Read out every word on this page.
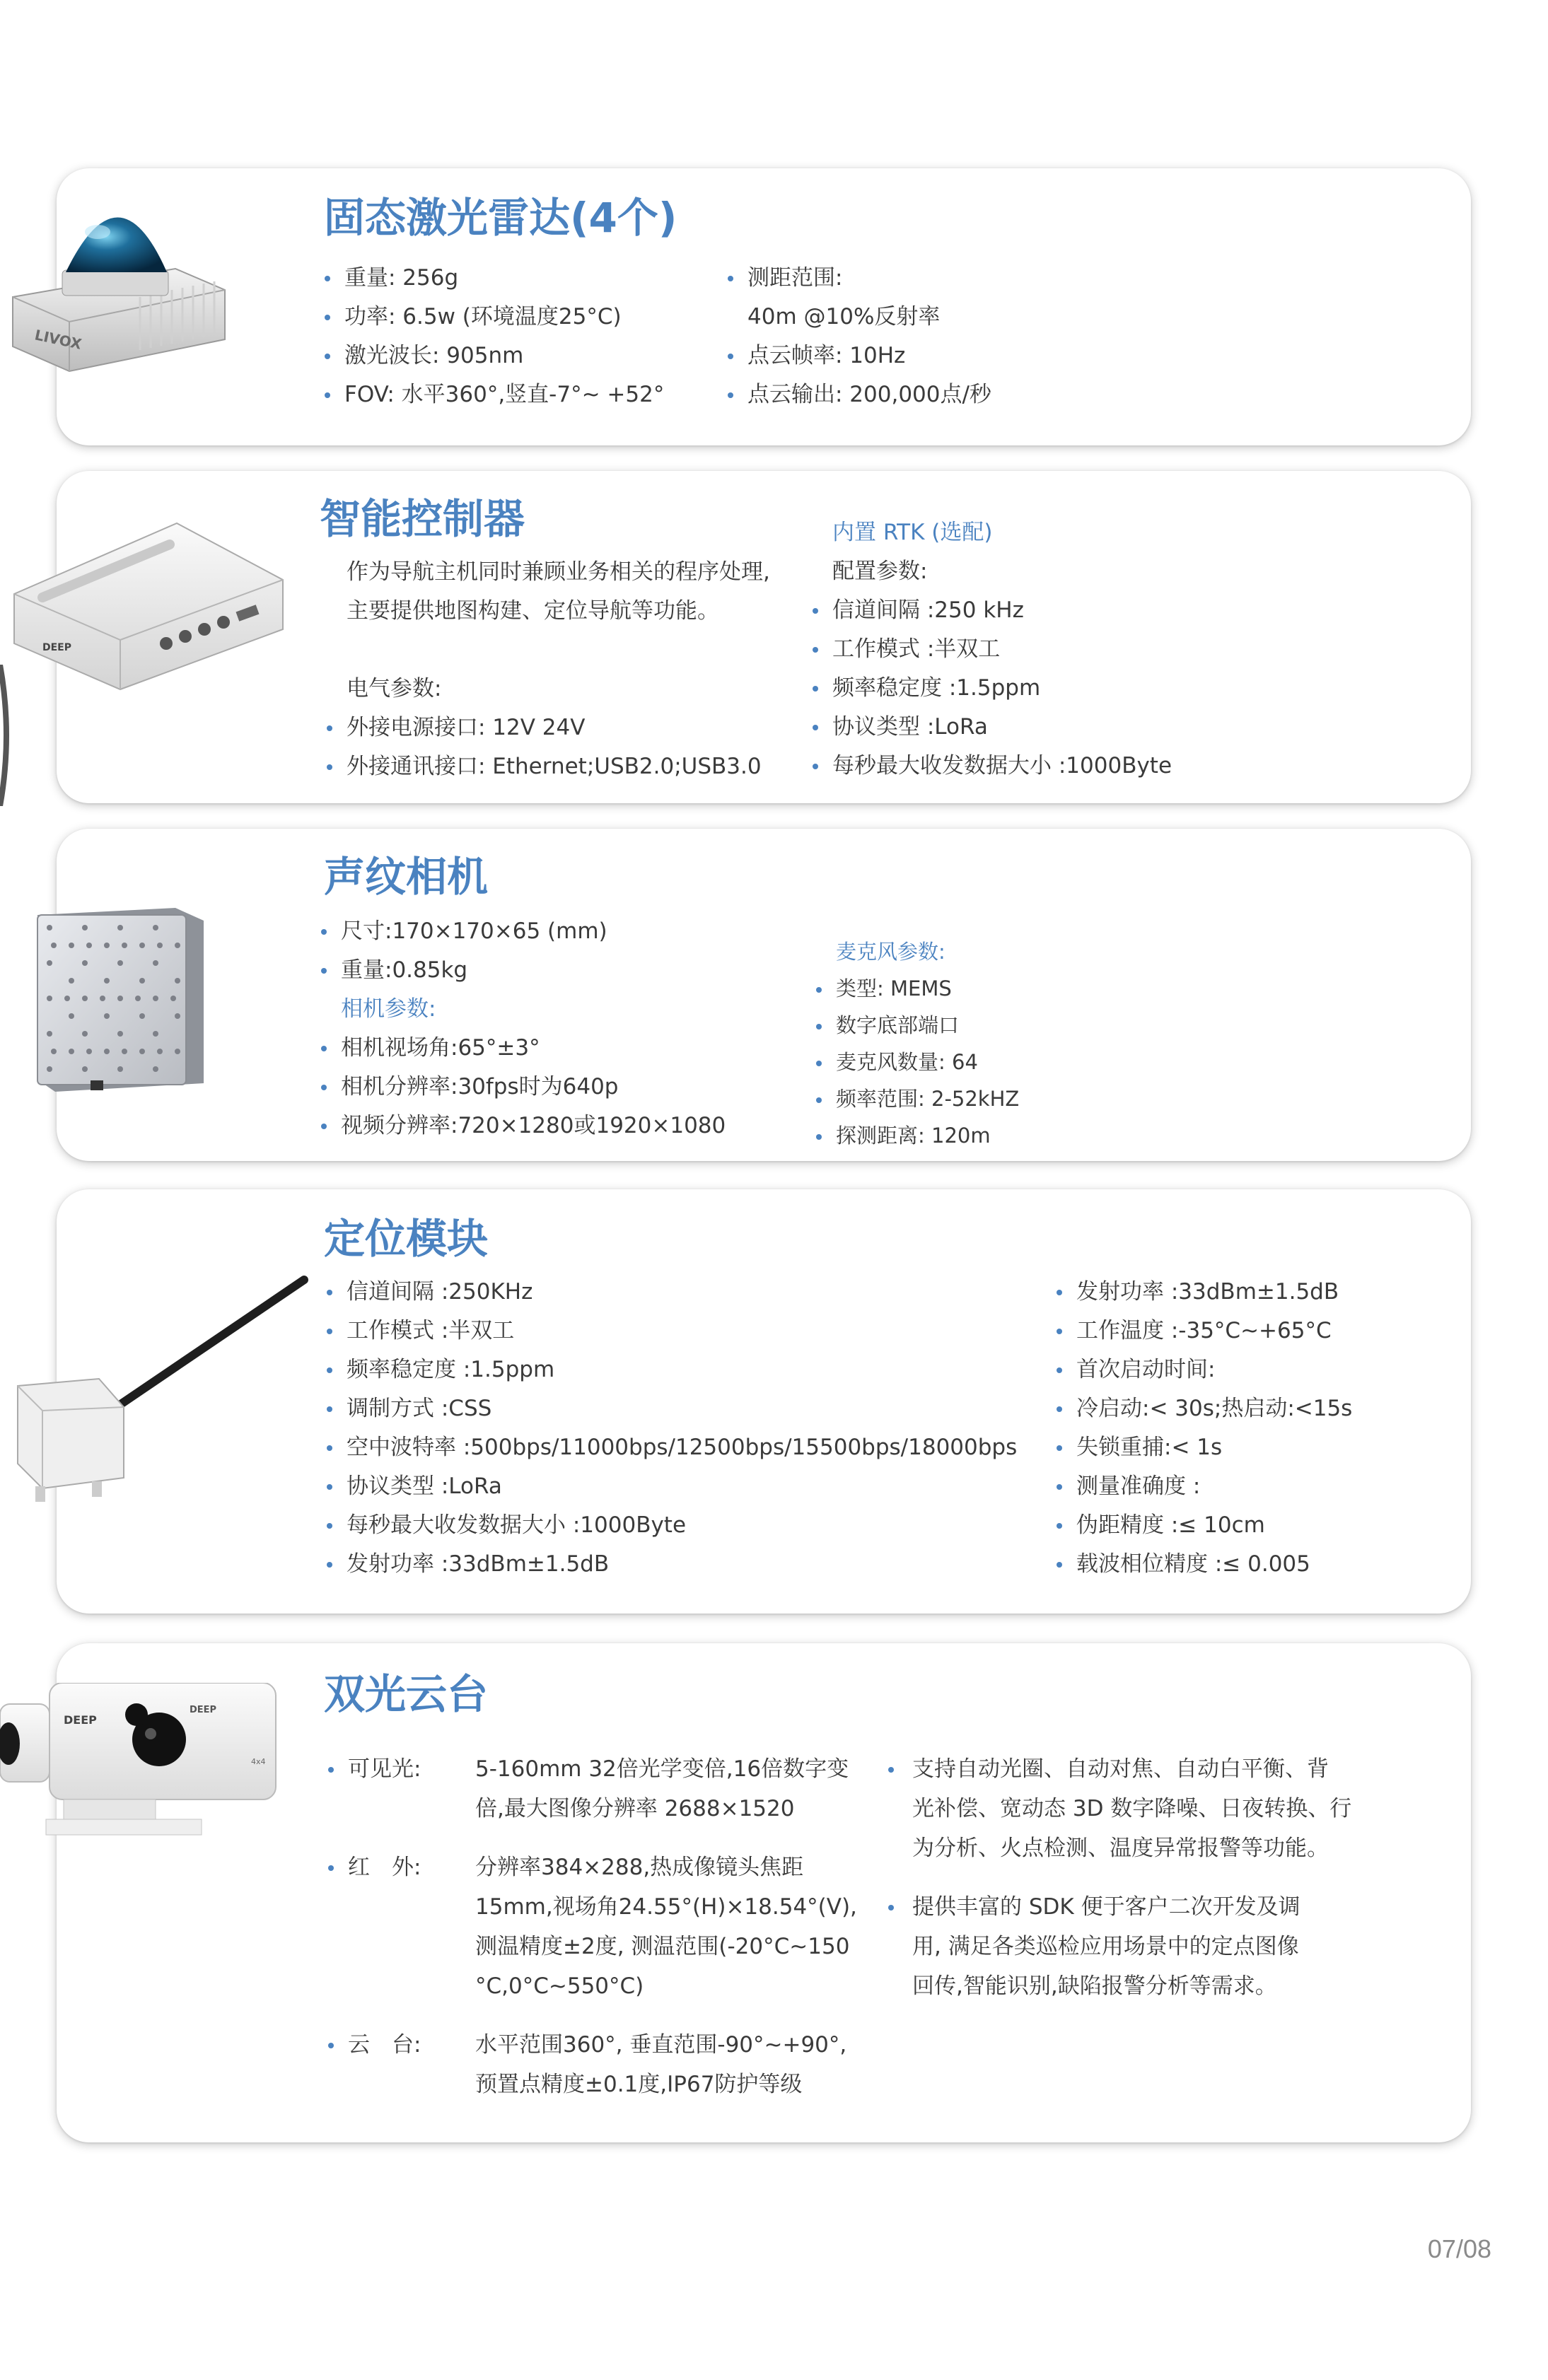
LIVOX
固态激光雷达(4个)
重量: 256g
功率: 6.5w (环境温度25°C)
激光波长: 905nm
FOV: 水平360°,竖直-7°~ +52°
测距范围:
40m @10%反射率
点云帧率: 10Hz
点云输出: 200,000点/秒
DEEP
智能控制器
作为导航主机同时兼顾业务相关的程序处理,
主要提供地图构建、定位导航等功能。
电气参数:
外接电源接口: 12V 24V
外接通讯接口: Ethernet;USB2.0;USB3.0
内置 RTK (选配)
配置参数:
信道间隔 :250 kHz
工作模式 :半双工
频率稳定度 :1.5ppm
协议类型 :LoRa
每秒最大收发数据大小 :1000Byte
声纹相机
尺寸:170×170×65 (mm)
重量:0.85kg
相机参数:
相机视场角:65°±3°
相机分辨率:30fps时为640p
视频分辨率:720×1280或1920×1080
麦克风参数:
类型: MEMS
数字底部端口
麦克风数量: 64
频率范围: 2-52kHZ
探测距离: 120m
定位模块
信道间隔 :250KHz
工作模式 :半双工
频率稳定度 :1.5ppm
调制方式 :CSS
空中波特率 :500bps/11000bps/12500bps/15500bps/18000bps
协议类型 :LoRa
每秒最大收发数据大小 :1000Byte
发射功率 :33dBm±1.5dB
发射功率 :33dBm±1.5dB
工作温度 :-35°C~+65°C
首次启动时间:
冷启动:< 30s;热启动:<15s
失锁重捕:< 1s
测量准确度 :
伪距精度 :≤ 10cm
载波相位精度 :≤ 0.005
DEEP
DEEP
4x4
双光云台
可见光: 5-160mm 32倍光学变倍,16倍数字变
倍,最大图像分辨率 2688×1520
红　外: 分辨率384×288,热成像镜头焦距
15mm,视场角24.55°(H)×18.54°(V),
测温精度±2度, 测温范围(-20°C~150
°C,0°C~550°C)
云　台: 水平范围360°, 垂直范围-90°~+90°,
预置点精度±0.1度,IP67防护等级
支持自动光圈、自动对焦、自动白平衡、背
光补偿、宽动态 3D 数字降噪、日夜转换、行
为分析、火点检测、温度异常报警等功能。
提供丰富的 SDK 便于客户二次开发及调
用, 满足各类巡检应用场景中的定点图像
回传,智能识别,缺陷报警分析等需求。
07/08
